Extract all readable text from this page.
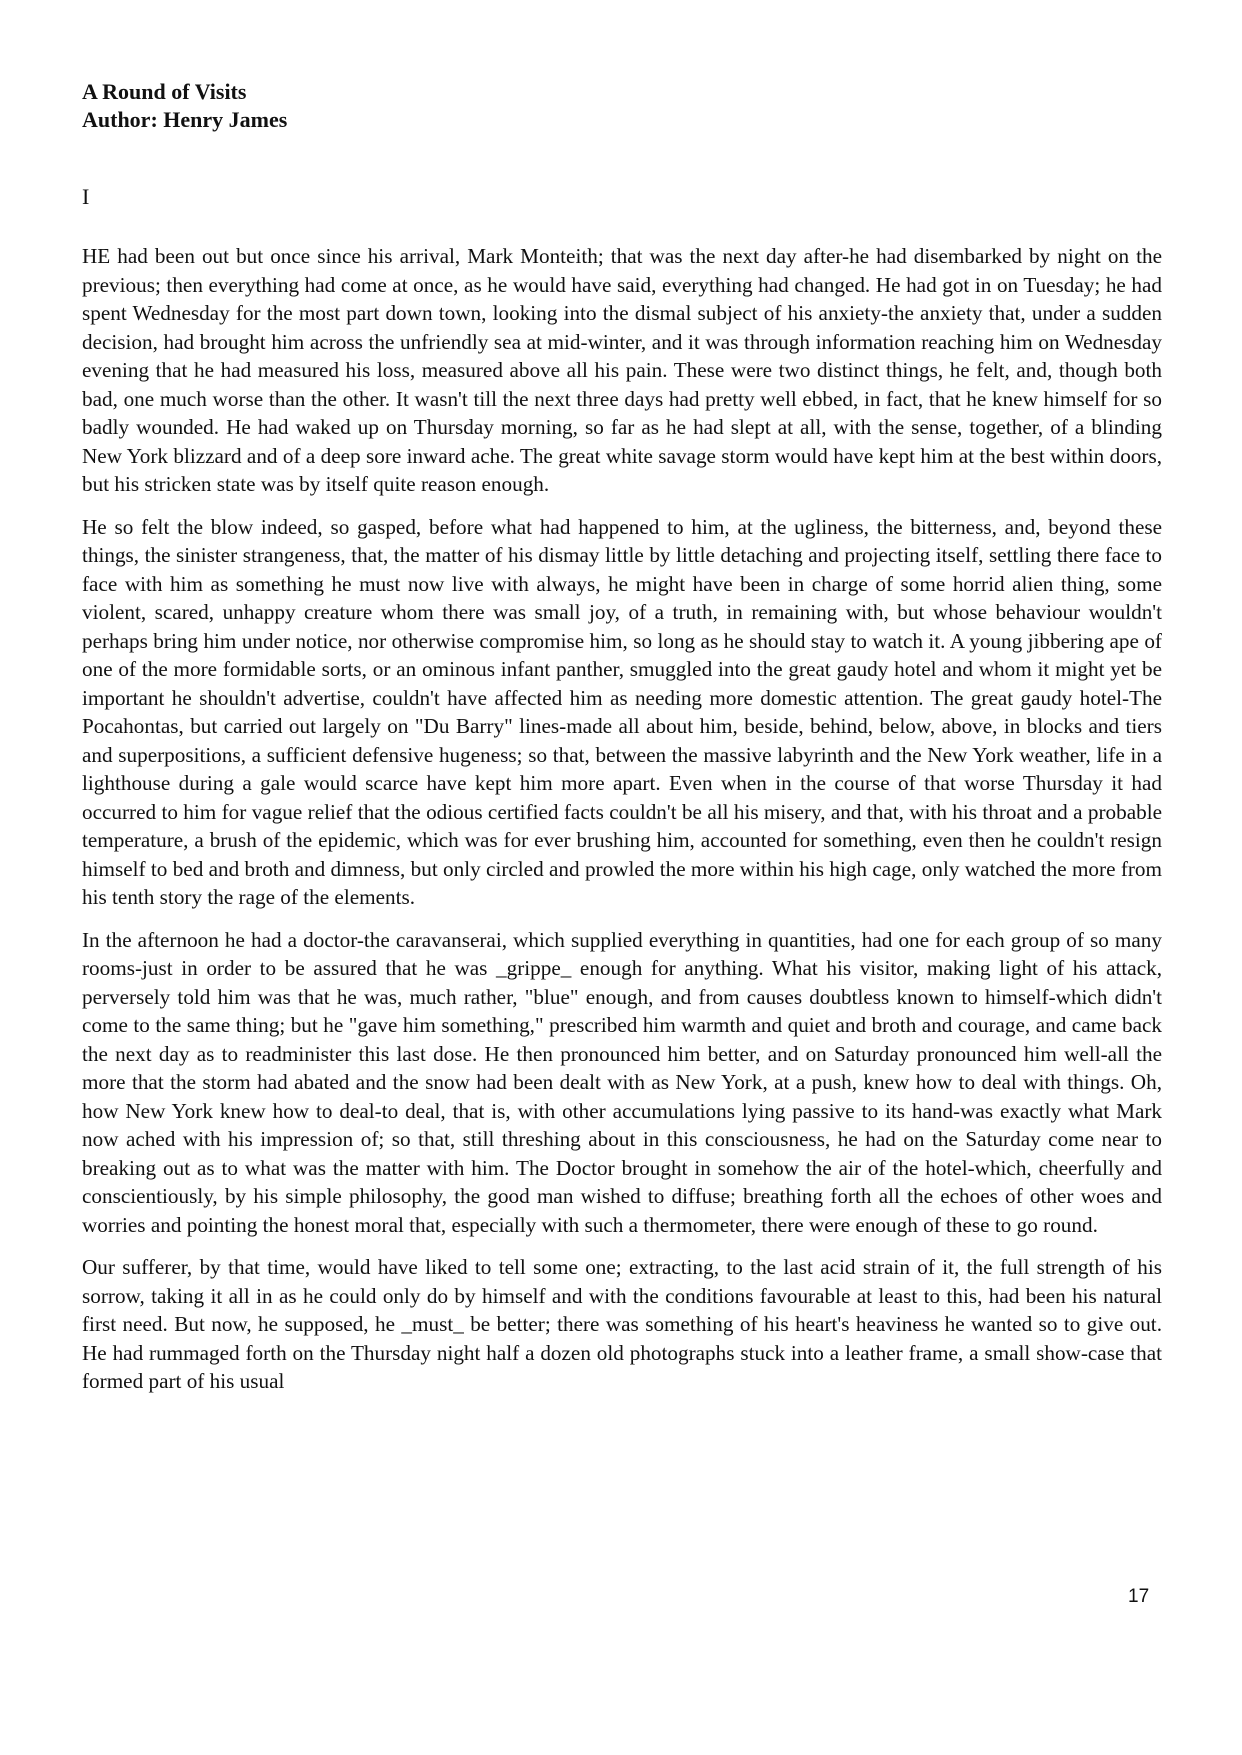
A Round of Visits

Author: Henry James

I

HE had been out but once since his arrival, Mark Monteith; that was the next day after-he had disembarked by night on the previous; then everything had come at once, as he would have said, everything had changed. He had got in on Tuesday; he had spent Wednesday for the most part down town, looking into the dismal subject of his anxiety-the anxiety that, under a sudden decision, had brought him across the unfriendly sea at mid-winter, and it was through information reaching him on Wednesday evening that he had measured his loss, measured above all his pain. These were two distinct things, he felt, and, though both bad, one much worse than the other. It wasn't till the next three days had pretty well ebbed, in fact, that he knew himself for so badly wounded. He had waked up on Thursday morning, so far as he had slept at all, with the sense, together, of a blinding New York blizzard and of a deep sore inward ache. The great white savage storm would have kept him at the best within doors, but his stricken state was by itself quite reason enough.

He so felt the blow indeed, so gasped, before what had happened to him, at the ugliness, the bitterness, and, beyond these things, the sinister strangeness, that, the matter of his dismay little by little detaching and projecting itself, settling there face to face with him as something he must now live with always, he might have been in charge of some horrid alien thing, some violent, scared, unhappy creature whom there was small joy, of a truth, in remaining with, but whose behaviour wouldn't perhaps bring him under notice, nor otherwise compromise him, so long as he should stay to watch it. A young jibbering ape of one of the more formidable sorts, or an ominous infant panther, smuggled into the great gaudy hotel and whom it might yet be important he shouldn't advertise, couldn't have affected him as needing more domestic attention. The great gaudy hotel-The Pocahontas, but carried out largely on "Du Barry" lines-made all about him, beside, behind, below, above, in blocks and tiers and superpositions, a sufficient defensive hugeness; so that, between the massive labyrinth and the New York weather, life in a lighthouse during a gale would scarce have kept him more apart. Even when in the course of that worse Thursday it had occurred to him for vague relief that the odious certified facts couldn't be all his misery, and that, with his throat and a probable temperature, a brush of the epidemic, which was for ever brushing him, accounted for something, even then he couldn't resign himself to bed and broth and dimness, but only circled and prowled the more within his high cage, only watched the more from his tenth story the rage of the elements.

In the afternoon he had a doctor-the caravanserai, which supplied everything in quantities, had one for each group of so many rooms-just in order to be assured that he was _grippe_ enough for anything. What his visitor, making light of his attack, perversely told him was that he was, much rather, "blue" enough, and from causes doubtless known to himself-which didn't come to the same thing; but he "gave him something," prescribed him warmth and quiet and broth and courage, and came back the next day as to readminister this last dose. He then pronounced him better, and on Saturday pronounced him well-all the more that the storm had abated and the snow had been dealt with as New York, at a push, knew how to deal with things. Oh, how New York knew how to deal-to deal, that is, with other accumulations lying passive to its hand-was exactly what Mark now ached with his impression of; so that, still threshing about in this consciousness, he had on the Saturday come near to breaking out as to what was the matter with him. The Doctor brought in somehow the air of the hotel-which, cheerfully and conscientiously, by his simple philosophy, the good man wished to diffuse; breathing forth all the echoes of other woes and worries and pointing the honest moral that, especially with such a thermometer, there were enough of these to go round.

Our sufferer, by that time, would have liked to tell some one; extracting, to the last acid strain of it, the full strength of his sorrow, taking it all in as he could only do by himself and with the conditions favourable at least to this, had been his natural first need. But now, he supposed, he _must_ be better; there was something of his heart's heaviness he wanted so to give out. He had rummaged forth on the Thursday night half a dozen old photographs stuck into a leather frame, a small show-case that formed part of his usual

17
